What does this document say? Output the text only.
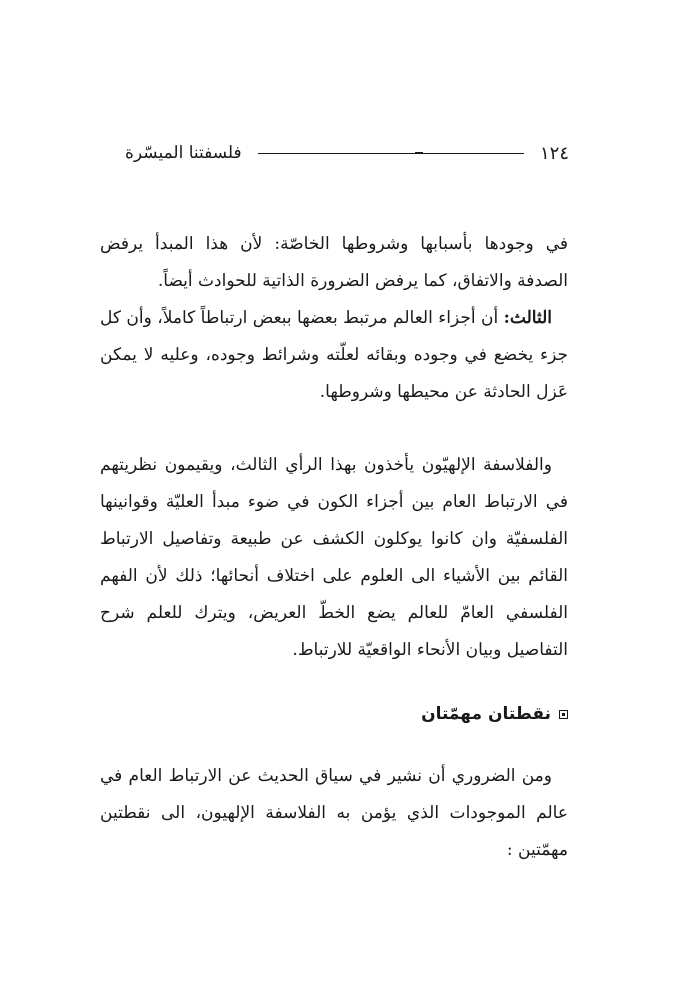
١٢٤
فلسفتنا الميسّرة

في وجودها بأسبابها وشروطها الخاصّة: لأن هذا المبدأ يرفض الصدفة والاتفاق، كما يرفض الضرورة الذاتية للحوادث أيضاً.

الثالث: أن أجزاء العالم مرتبط بعضها ببعض ارتباطاً كاملاً، وأن كل جزء يخضع في وجوده وبقائه لعلّته وشرائط وجوده، وعليه لا يمكن عَزل الحادثة عن محيطها وشروطها.

والفلاسفة الإلهيّون يأخذون بهذا الرأي الثالث، ويقيمون نظريتهم في الارتباط العام بين أجزاء الكون في ضوء مبدأ العليّة وقوانينها الفلسفيّة وان كانوا يوكلون الكشف عن طبيعة وتفاصيل الارتباط القائم بين الأشياء الى العلوم على اختلاف أنحائها؛ ذلك لأن الفهم الفلسفي العامّ للعالم يضع الخطّ العريض، ويترك للعلم شرح التفاصيل وبيان الأنحاء الواقعيّة للارتباط.

نقطتان مهمّتان

ومن الضروري أن نشير في سياق الحديث عن الارتباط العام في عالم الموجودات الذي يؤمن به الفلاسفة الإلهيون، الى نقطتين مهمّتين :
